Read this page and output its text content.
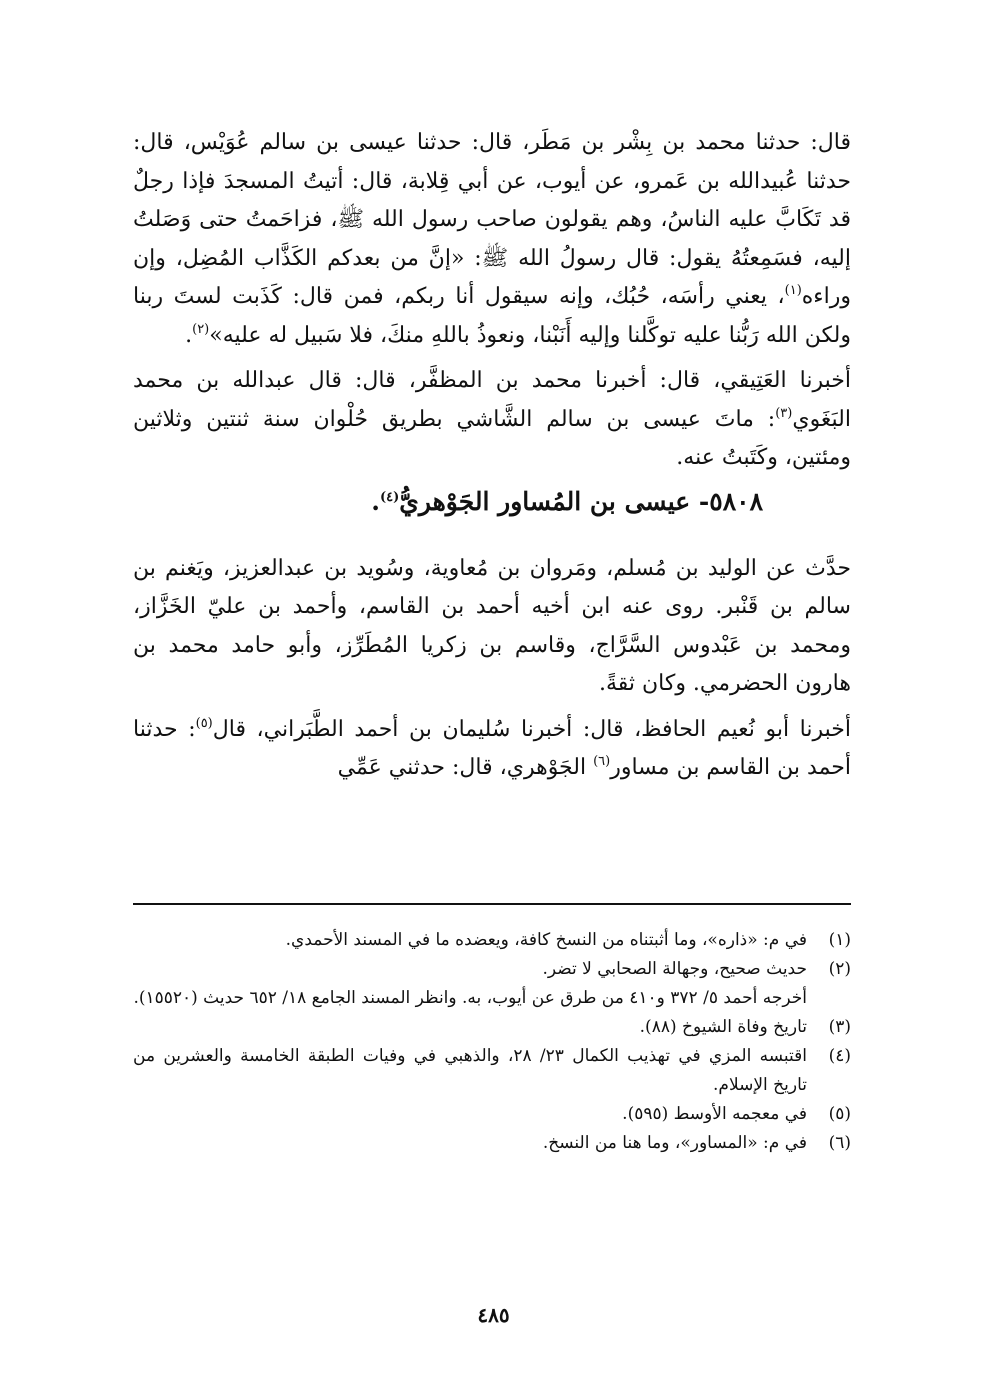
قال: حدثنا محمد بن بِشْر بن مَطَر، قال: حدثنا عيسى بن سالم عُوَيْس، قال: حدثنا عُبيدالله بن عَمرو، عن أيوب، عن أبي قِلابة، قال: أتيتُ المسجدَ فإذا رجلٌ قد تَكَابَّ عليه الناسُ، وهم يقولون صاحب رسول الله ﷺ، فزاحَمتُ حتى وَصَلتُ إليه، فسَمِعتُهُ يقول: قال رسولُ الله ﷺ: «إنَّ من بعدكم الكَذَّاب المُضِل، وإن وراءه$^{(١)}$، يعني رأسَه، حُبُك، وإنه سيقول أنا ربكم، فمن قال: كَذَبت لستَ ربنا ولكن الله رَبُّنا عليه توكَّلنا وإليه أَنَبْنا، ونعوذُ باللهِ منكَ، فلا سَبيل له عليه»$^{(٢)}$.

أخبرنا العَتِيقي، قال: أخبرنا محمد بن المظفَّر، قال: قال عبدالله بن محمد البَغَوي$^{(٣)}$: ماتَ عيسى بن سالم الشَّاشي بطريق حُلْوان سنة ثنتين وثلاثين ومئتين، وكَتَبتُ عنه.

٥٨٠٨- عيسى بن المُساور الجَوْهريُّ$^{(٤)}$.

حدَّث عن الوليد بن مُسلم، ومَروان بن مُعاوية، وسُويد بن عبدالعزيز، ويَغنم بن سالم بن قَنْبر. روى عنه ابن أخيه أحمد بن القاسم، وأحمد بن عليّ الخَزَّاز، ومحمد بن عَبْدوس السَّرَّاج، وقاسم بن زكريا المُطَرِّز، وأبو حامد محمد بن هارون الحضرمي. وكان ثقةً.

أخبرنا أبو نُعيم الحافظ، قال: أخبرنا سُليمان بن أحمد الطَّبَراني، قال$^{(٥)}$: حدثنا أحمد بن القاسم بن مساور$^{(٦)}$ الجَوْهري، قال: حدثني عَمِّي

(١)
في م: «ذاره»، وما أثبتناه من النسخ كافة، ويعضده ما في المسند الأحمدي.
(٢)
حديث صحيح، وجهالة الصحابي لا تضر.
أخرجه أحمد ٥/ ٣٧٢ و٤١٠ من طرق عن أيوب، به. وانظر المسند الجامع ١٨/ ٦٥٢ حديث (١٥٥٢٠).
(٣)
تاريخ وفاة الشيوخ (٨٨).
(٤)
اقتبسه المزي في تهذيب الكمال ٢٣/ ٢٨، والذهبي في وفيات الطبقة الخامسة والعشرين من تاريخ الإسلام.
(٥)
في معجمه الأوسط (٥٩٥).
(٦)
في م: «المساور»، وما هنا من النسخ.
٤٨٥
